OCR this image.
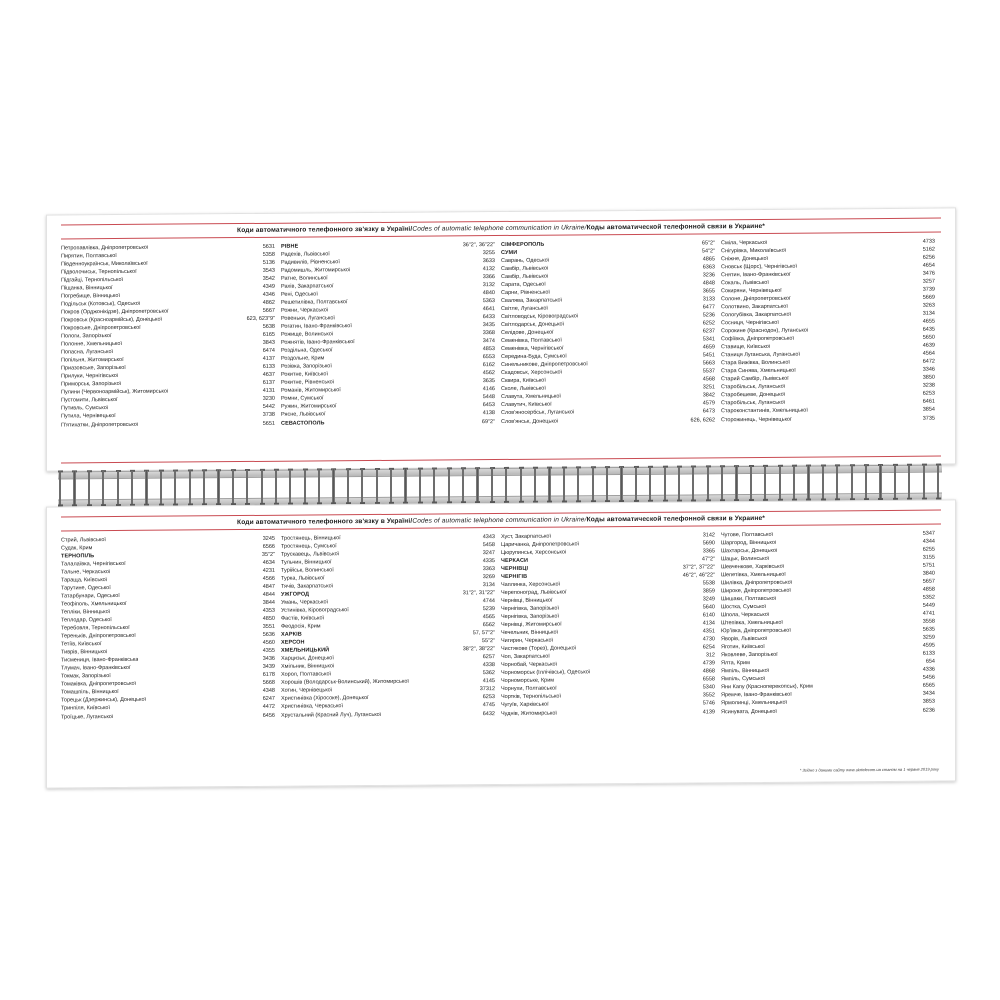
Коди автоматичного телефонного зв'язку в Україні/Codes of automatic telephone communication in Ukraine/Коды автоматической телефонной связи в Украине*
Петропавлівка, Дніпропетровської	5631
Пирятин, Полтавської	5358
Південноукраїнськ, Миколаївської	5136
Підволочиськ, Тернопільської	3543
Підгайці, Тернопільської	3542
Піщанка, Вінницької	4349
Погребище, Вінницької	4346
Подільськ (Котовськ), Одеської	4862
Покров (Орджонікідзе), Дніпропетровської	5667
Покровськ (Красноармійськ), Донецької	623, 623"9"
Покровське, Дніпропетровської	5638
Пологи, Запорізької	6165
Полонне, Хмельницької	3843
Попасна, Луганської	6474
Попільня, Житомирської	4137
Приазовське, Запорізької	6133
Прилуки, Чернігівської	4637
Приморськ, Запорізької	6137
Пулини (Червоноармійськ), Житомирської	4131
Пустомити, Львівської	3230
Путивль, Сумської	5442
Путила, Чернівецької	3738
П'ятихатки, Дніпропетровської	5651
РІВНЕ	36"2", 36"22"
Радехів, Львівської	3255
Радивилів, Рівненської	3633
Радомишль, Житомирської	4132
Ратне, Волинської	3366
Рахів, Закарпатської	3132
Рені, Одеської	4840
Решетилівка, Полтавської	5363
Рожни, Черкаської	4641
Ровеньки, Луганської	6433
Рогатин, Івано-Франківської	3435
Рожище, Волинської	3368
Рожнятів, Івано-Франківської	3474
Роздільна, Одеської	4853
Роздольне, Крим	6553
Розівка, Запорізької	6162
Рокитне, Київської	4562
Рокитне, Рівненської	3635
Романів, Житомирської	4146
Ромни, Сумської	5448
Ружин, Житомирської	6453
Рясне, Львівської	4138
СЕВАСТОПОЛЬ	69"2"
СІМФЕРОПОЛЬ	65"2"
СУМИ	54"2"
Саврань, Одеської	4865
Самбір, Львівської	6363
Самбір, Львівської	3236
Сарата, Одеської	4848
Сарни, Рівненської	3655
Свалява, Закарпатської	3133
Світле, Луганської	6477
Світловодськ, Кіровоградської	5236
Світлодарськ, Донецької	6252
Селідове, Донецької	6237
Семенівка, Полтавської	5341
Семенівка, Чернігівської	4659
Середина-Буда, Сумської	5451
Синельникове, Дніпропетровської	5663
Скадовськ, Херсонської	5537
Сквира, Київської	4568
Сколе, Львівської	3251
Славута, Хмельницької	3842
Славутич, Київської	4579
Слов'яносербськ, Луганської	6473
Слов'янськ, Донецької	626, 6262
Сміла, Черкаської	4733
Снігурівка, Миколаївської	5162
Сніжне, Донецької	6256
Сновськ (Щорс), Чернігівської	4654
Снятин, Івано-Франківської	3476
Сокаль, Львівської	3257
Сокиряни, Чернівецької	3739
Солоне, Дніпропетровської	5669
Солотвино, Закарпатської	3263
Сологубівка, Закарпатської	3134
Сосниця, Чернігівської	4655
Сорокине (Краснодон), Луганської	6435
Софіївка, Дніпропетровської	5650
Ставище, Київської	4639
Станиця Луганська, Луганської	4564
Стара Вижівка, Волинської	6472
Стара Синява, Хмельницької	3346
Старий Самбір, Львівської	3850
Старобільськ, Луганської	3238
Старобешеве, Донецької	6253
Старобільськ, Луганської	6461
Староконстантинів, Хмельницької	3854
Сторожинець, Чернівецької	3735
Коди автоматичного телефонного зв'язку в Україні/Codes of automatic telephone communication in Ukraine/Коды автоматической телефонной связи в Украине*
Стрий, Львівської	3245
Судак, Крим	6566
ТЕРНОПІЛЬ	35"2"
Талалаївка, Чернігівської	4634
Тальне, Черкаської	4231
Тараща, Київської	4566
Тарутине, Одеської	4847
Татарбунари, Одеської	4844
Теофіполь, Хмельницької	3844
Тепліки, Вінницької	4353
Теплодар, Одеської	4850
Теребовля, Тернопільської	3551
Тереньків, Дніпропетровської	5636
Тетіїв, Київської	4560
Тиврів, Вінницької	4355
Тисмениця, Івано-Франківська	3436
Тлумач, Івано-Франківської	3439
Токмак, Запорізької	6178
Томаківка, Дніпропетровської	5668
Томашпіль, Вінницької	4348
Торецьк (Дзержинськ), Донецької	6247
Тринпіля, Київської	4472
Троїцьке, Луганської	6456
Тростянець, Вінницької	4343
Тростянець, Сумської	5458
Трускавець, Львівської	3247
Тульчин, Вінницької	4335
Турійськ, Волинської	3363
Турка, Львівської	3269
Тячів, Закарпатської	3134
УЖГОРОД	31"2", 31"22"
Умань, Черкаської	4744
Устинівка, Кіровоградської	5239
Фастів, Київської	4565
Феодосія, Крим	6562
ХАРКІВ	57, 57"2"
ХЕРСОН	55"2"
ХМЕЛЬНИЦЬКИЙ	38"2", 38"22"
Харцизьк, Донецької	6257
Хмільник, Вінницької	4338
Хорол, Полтавської	5362
Хорошів (Володарськ-Волинський), Житомирської	4145
Хотин, Чернівецької	37312
Христинівка (Хіросоке), Донецької	6253
Христинівка, Черкаської	4745
Хрустальний (Красний Луч), Луганської	6432
Хуст, Закарпатської	3142
Царичанка, Дніпропетровської	5690
Цюрупинськ, Херсонської	3365
ЧЕРКАСИ	47"2"
ЧЕРНІВЦІ	37"2", 37"22"
ЧЕРНІГІВ	46"2", 46"22"
Чаплинка, Херсонської	5538
Черепоноград, Львівської	3859
Чернівці, Вінницької	3249
Чернігівка, Запорізької	5640
Чернігівка, Запорізької	6140
Чернівці, Житомирської	4134
Чечельник, Вінницької	4351
Чигирин, Черкаської	4730
Чистякове (Торез), Донецької	6254
Чоп, Закарпатської	312
Чорнобай, Черкаської	4739
Чорноморськ (Іллічівськ), Одеської	4868
Чорноморське, Крим	6558
Чорнухи, Полтавської	5340
Чортків, Тернопільської	3552
Чугуїв, Харківської	5746
Чуднів, Житомирської	4139
Чутове, Полтавської	5347
Шаргород, Вінницької	4344
Шахтарськ, Донецької	6255
Шацьк, Волинської	3155
Шевченкове, Харківської	5751
Шепетівка, Хмельницької	3840
Шилівка, Дніпропетровської	5657
Широке, Дніпропетровської	4858
Шишаки, Полтавської	5352
Шостка, Сумської	5449
Шпола, Черкаської	4741
Штепівка, Хмельницької	3558
Юр'ївка, Дніпропетровської	5635
Яворів, Львівської	3259
Яготин, Київської	4595
Яковлеве, Запорізької	6133
Ялта, Крим	654
Ямпіль, Вінницької	4336
Ямпіль, Сумської	5456
Яни Капу (Красноперекопськ), Крим	6565
Яремче, Івано-Франківської	3434
Ярмолинці, Хмельницької	3853
Ясинувата, Донецької	6236
* Згідно з даними сайту www.ukrtelecom.ua станом на 1 червня 2019 року
